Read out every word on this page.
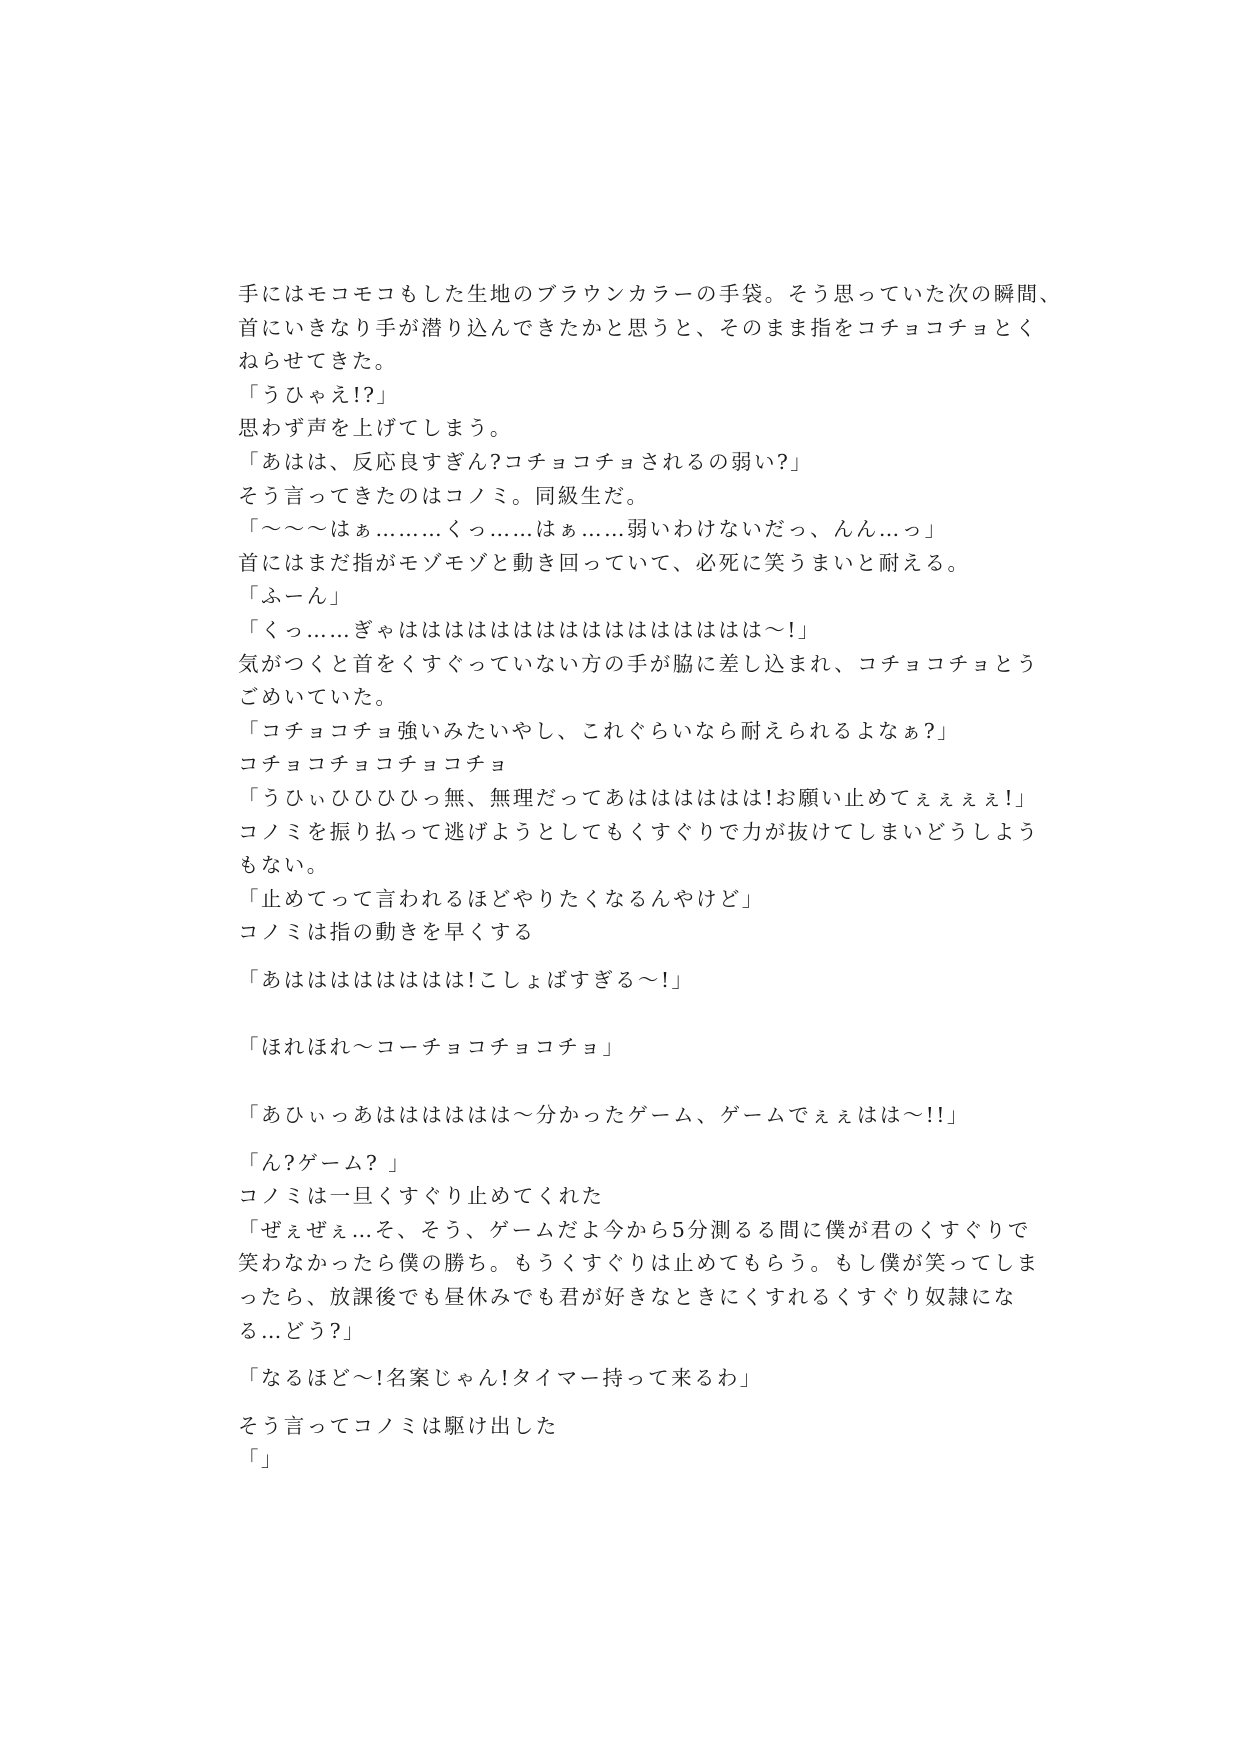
手にはモコモコもした生地のブラウンカラーの手袋。そう思っていた次の瞬間、
首にいきなり手が潜り込んできたかと思うと、そのまま指をコチョコチョとく
ねらせてきた。
「うひゃえ!?」
思わず声を上げてしまう。
「あはは、反応良すぎん?コチョコチョされるの弱い?」
そう言ってきたのはコノミ。同級生だ。
「〜〜〜はぁ………くっ……はぁ……弱いわけないだっ、んん…っ」
首にはまだ指がモゾモゾと動き回っていて、必死に笑うまいと耐える。
「ふーん」
「くっ……ぎゃはははははははははははははははは〜!」
気がつくと首をくすぐっていない方の手が脇に差し込まれ、コチョコチョとう
ごめいていた。
「コチョコチョ強いみたいやし、これぐらいなら耐えられるよなぁ?」
コチョコチョコチョコチョ
「うひぃひひひひっ無、無理だってあはははははは!お願い止めてぇぇぇぇ!」
コノミを振り払って逃げようとしてもくすぐりで力が抜けてしまいどうしよう
もない。
「止めてって言われるほどやりたくなるんやけど」
コノミは指の動きを早くする
「あはははははははは!こしょばすぎる〜!」
「ほれほれ〜コーチョコチョコチョ」
「あひぃっあはははははは〜分かったゲーム、ゲームでぇぇはは〜!!」
「ん?ゲーム? 」
コノミは一旦くすぐり止めてくれた
「ぜぇぜぇ…そ、そう、ゲームだよ今から5分測るる間に僕が君のくすぐりで
笑わなかったら僕の勝ち。もうくすぐりは止めてもらう。もし僕が笑ってしま
ったら、放課後でも昼休みでも君が好きなときにくすれるくすぐり奴隷にな
る…どう?」
「なるほど〜!名案じゃん!タイマー持って来るわ」
そう言ってコノミは駆け出した
「」
